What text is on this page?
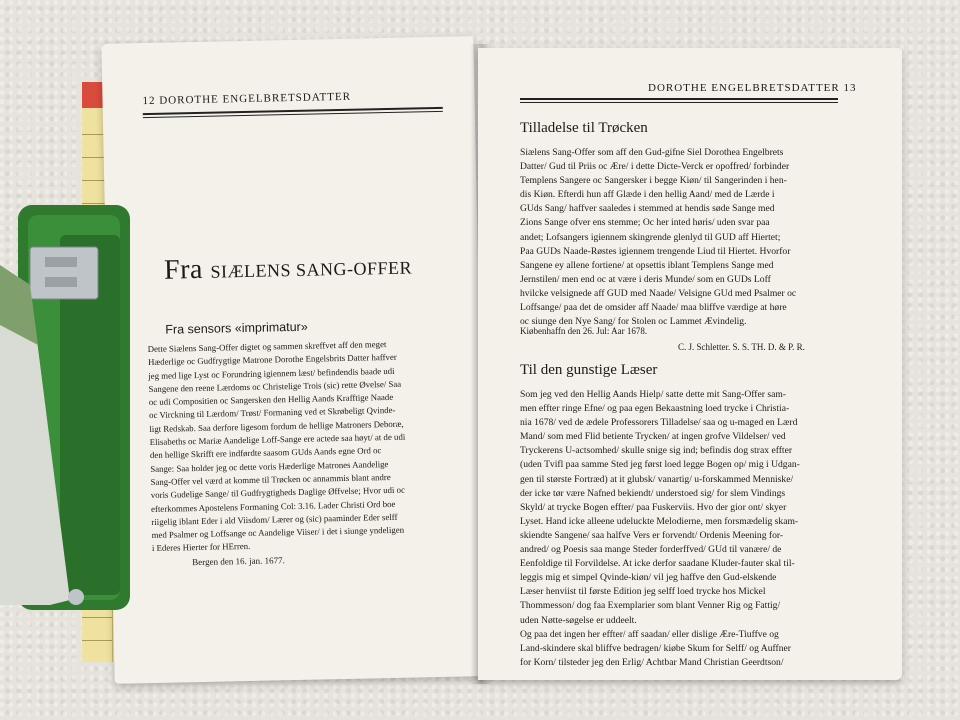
12 DOROTHE ENGELBRETSDATTER
Fra SIÆLENS SANG-OFFER
Fra sensors «imprimatur»

Dette Siælens Sang-Offer digtet og sammen skreffvet aff den meget

Hæderlige oc Gudfrygtige Matrone Dorothe Engelsbrits Datter haffver

jeg med lige Lyst oc Forundring igiennem læst/ befindendis baade udi

Sangene den reene Lærdoms oc Christelige Trois (sic) rette Øvelse/ Saa

oc udi Compositien oc Sangersken den Hellig Aands Krafftige Naade

oc Virckning til Lærdom/ Trøst/ Formaning ved et Skrøbeligt Qvinde-

ligt Redskab. Saa derfore ligesom fordum de hellige Matroners Deboræ,

Elisabeths oc Mariæ Aandelige Loff-Sange ere actede saa høyt/ at de udi

den hellige Skrifft ere indførdte saasom GUds Aands egne Ord oc

Sange: Saa holder jeg oc dette voris Hæderlige Matrones Aandelige

Sang-Offer vel værd at komme til Trøcken oc annammis blant andre

voris Gudelige Sange/ til Gudfrygtigheds Daglige Øffvelse; Hvor udi oc

efterkommes Apostelens Formaning Col: 3.16. Lader Christi Ord boe

riigelig iblant Eder i ald Viisdom/ Lærer og (sic) paaminder Eder selff

med Psalmer og Loffsange oc Aandelige Viiser/ i det i siunge yndeligen

i Ederes Hierter for HErren.

Bergen den 16. jan. 1677.
DOROTHE ENGELBRETSDATTER 13
Tilladelse til Trøcken

Siælens Sang-Offer som aff den Gud-gifne Siel Dorothea Engelbrets

Datter/ Gud til Priis oc Ære/ i dette Dicte-Verck er opoffred/ forbinder

Templens Sangere oc Sangersker i begge Kiøn/ til Sangerinden i hen-

dis Kiøn. Efterdi hun aff Glæde i den hellig Aand/ med de Lærde i

GUds Sang/ haffver saaledes i stemmed at hendis søde Sange med

Zions Sange ofver ens stemme; Oc her inted høris/ uden svar paa

andet; Lofsangers igiennem skingrende glenlyd til GUD aff Hiertet;

Paa GUDs Naade-Røstes igiennem trengende Liud til Hiertet. Hvorfor

Sangene ey allene fortiene/ at opsettis iblant Templens Sange med

Jernstilen/ men end oc at være i deris Munde/ som en GUDs Loff

hvilcke velsignede aff GUD med Naade/ Velsigne GUd med Psalmer oc

Loffsange/ paa det de omsider aff Naade/ maa bliffve værdige at høre

oc siunge den Nye Sang/ for Stolen oc Lammet Ævindelig.

Kiøbenhaffn den 26. Jul: Aar 1678.
C. J. Schletter. S. S. TH. D. & P. R.
Til den gunstige Læser

Som jeg ved den Hellig Aands Hielp/ satte dette mit Sang-Offer sam-

men effter ringe Efne/ og paa egen Bekaastning loed trycke i Christia-

nia 1678/ ved de ædele Professorers Tilladelse/ saa og u-maged en Lærd

Mand/ som med Flid betiente Trycken/ at ingen grofve Vildelser/ ved

Tryckerens U-actsomhed/ skulle snige sig ind; befindis dog strax effter

(uden Tvifl paa samme Sted jeg først loed legge Bogen op/ mig i Udgan-

gen til største Fortræd) at it glubsk/ vanartig/ u-forskammed Menniske/

der icke tør være Nafned bekiendt/ understoed sig/ for slem Vindings

Skyld/ at trycke Bogen effter/ paa Fuskerviis. Hvo der gior ont/ skyer

Lyset. Hand icke alleene udeluckte Melodierne, men forsmædelig skam-

skiendte Sangene/ saa halfve Vers er forvendt/ Ordenis Meening for-

andred/ og Poesis saa mange Steder forderffved/ GUd til vanære/ de

Eenfoldige til Forvildelse. At icke derfor saadane Kluder-fauter skal til-

leggis mig et simpel Qvinde-kiøn/ vil jeg haffve den Gud-elskende

Læser henviist til første Edition jeg selff loed trycke hos Mickel

Thommesson/ dog faa Exemplarier som blant Venner Rig og Fattig/

uden Nøtte-søgelse er uddeelt.

Og paa det ingen her effter/ aff saadan/ eller dislige Ære-Tiuffve og

Land-skindere skal bliffve bedragen/ kiøbe Skum for Selff/ og Auffner

for Korn/ tilsteder jeg den Erlig/ Achtbar Mand Christian Geerdtson/
